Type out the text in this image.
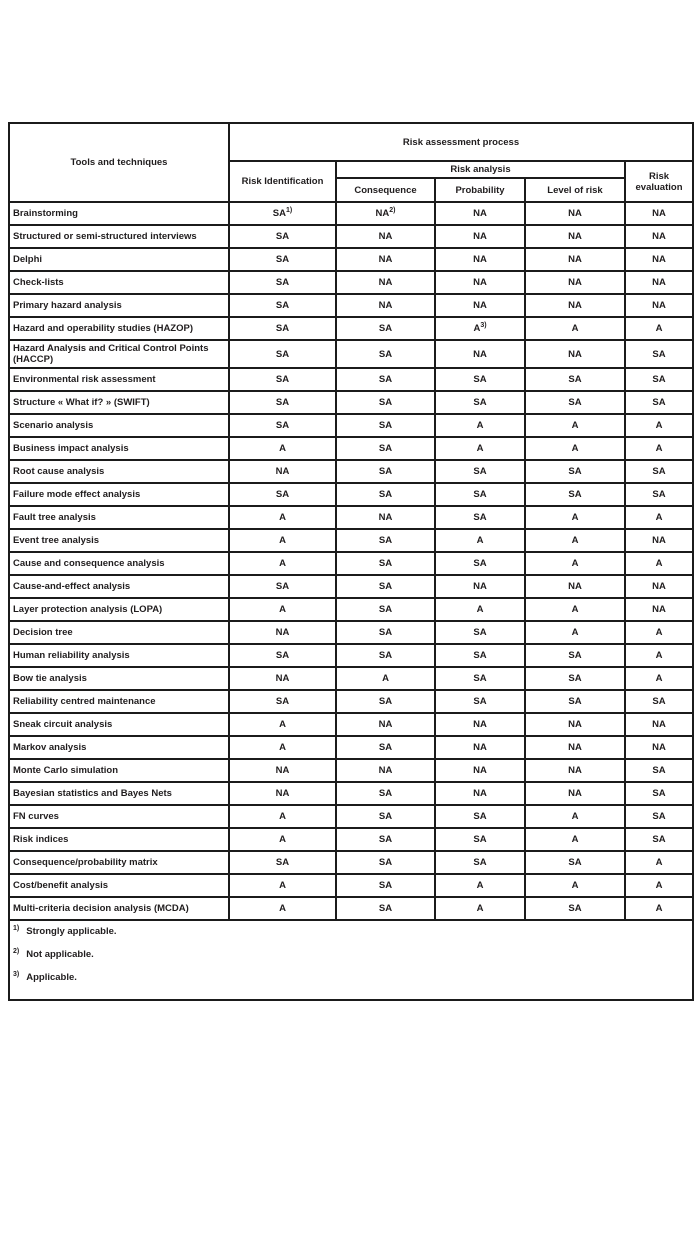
Tools and techniques	Risk assessment process				
	Risk Identification	Risk analysis			Risk evaluation
		Consequence	Probability	Level of risk	
Brainstorming	SA$^{1)}$	NA$^{2)}$	NA	NA	NA
Structured or semi-structured interviews	SA	NA	NA	NA	NA
Delphi	SA	NA	NA	NA	NA
Check-lists	SA	NA	NA	NA	NA
Primary hazard analysis	SA	NA	NA	NA	NA
Hazard and operability studies (HAZOP)	SA	SA	A$^{3)}$	A	A
Hazard Analysis and Critical Control Points (HACCP)	SA	SA	NA	NA	SA
Environmental risk assessment	SA	SA	SA	SA	SA
Structure « What if? » (SWIFT)	SA	SA	SA	SA	SA
Scenario analysis	SA	SA	A	A	A
Business impact analysis	A	SA	A	A	A
Root cause analysis	NA	SA	SA	SA	SA
Failure mode effect analysis	SA	SA	SA	SA	SA
Fault tree analysis	A	NA	SA	A	A
Event tree analysis	A	SA	A	A	NA
Cause and consequence analysis	A	SA	SA	A	A
Cause-and-effect analysis	SA	SA	NA	NA	NA
Layer protection analysis (LOPA)	A	SA	A	A	NA
Decision tree	NA	SA	SA	A	A
Human reliability analysis	SA	SA	SA	SA	A
Bow tie analysis	NA	A	SA	SA	A
Reliability centred maintenance	SA	SA	SA	SA	SA
Sneak circuit analysis	A	NA	NA	NA	NA
Markov analysis	A	SA	NA	NA	NA
Monte Carlo simulation	NA	NA	NA	NA	SA
Bayesian statistics and Bayes Nets	NA	SA	NA	NA	SA
FN curves	A	SA	SA	A	SA
Risk indices	A	SA	SA	A	SA
Consequence/probability matrix	SA	SA	SA	SA	A
Cost/benefit analysis	A	SA	A	A	A
Multi-criteria decision analysis (MCDA)	A	SA	A	SA	A

$^{1)}$ Strongly applicable.
$^{2)}$ Not applicable.
$^{3)}$ Applicable.					
